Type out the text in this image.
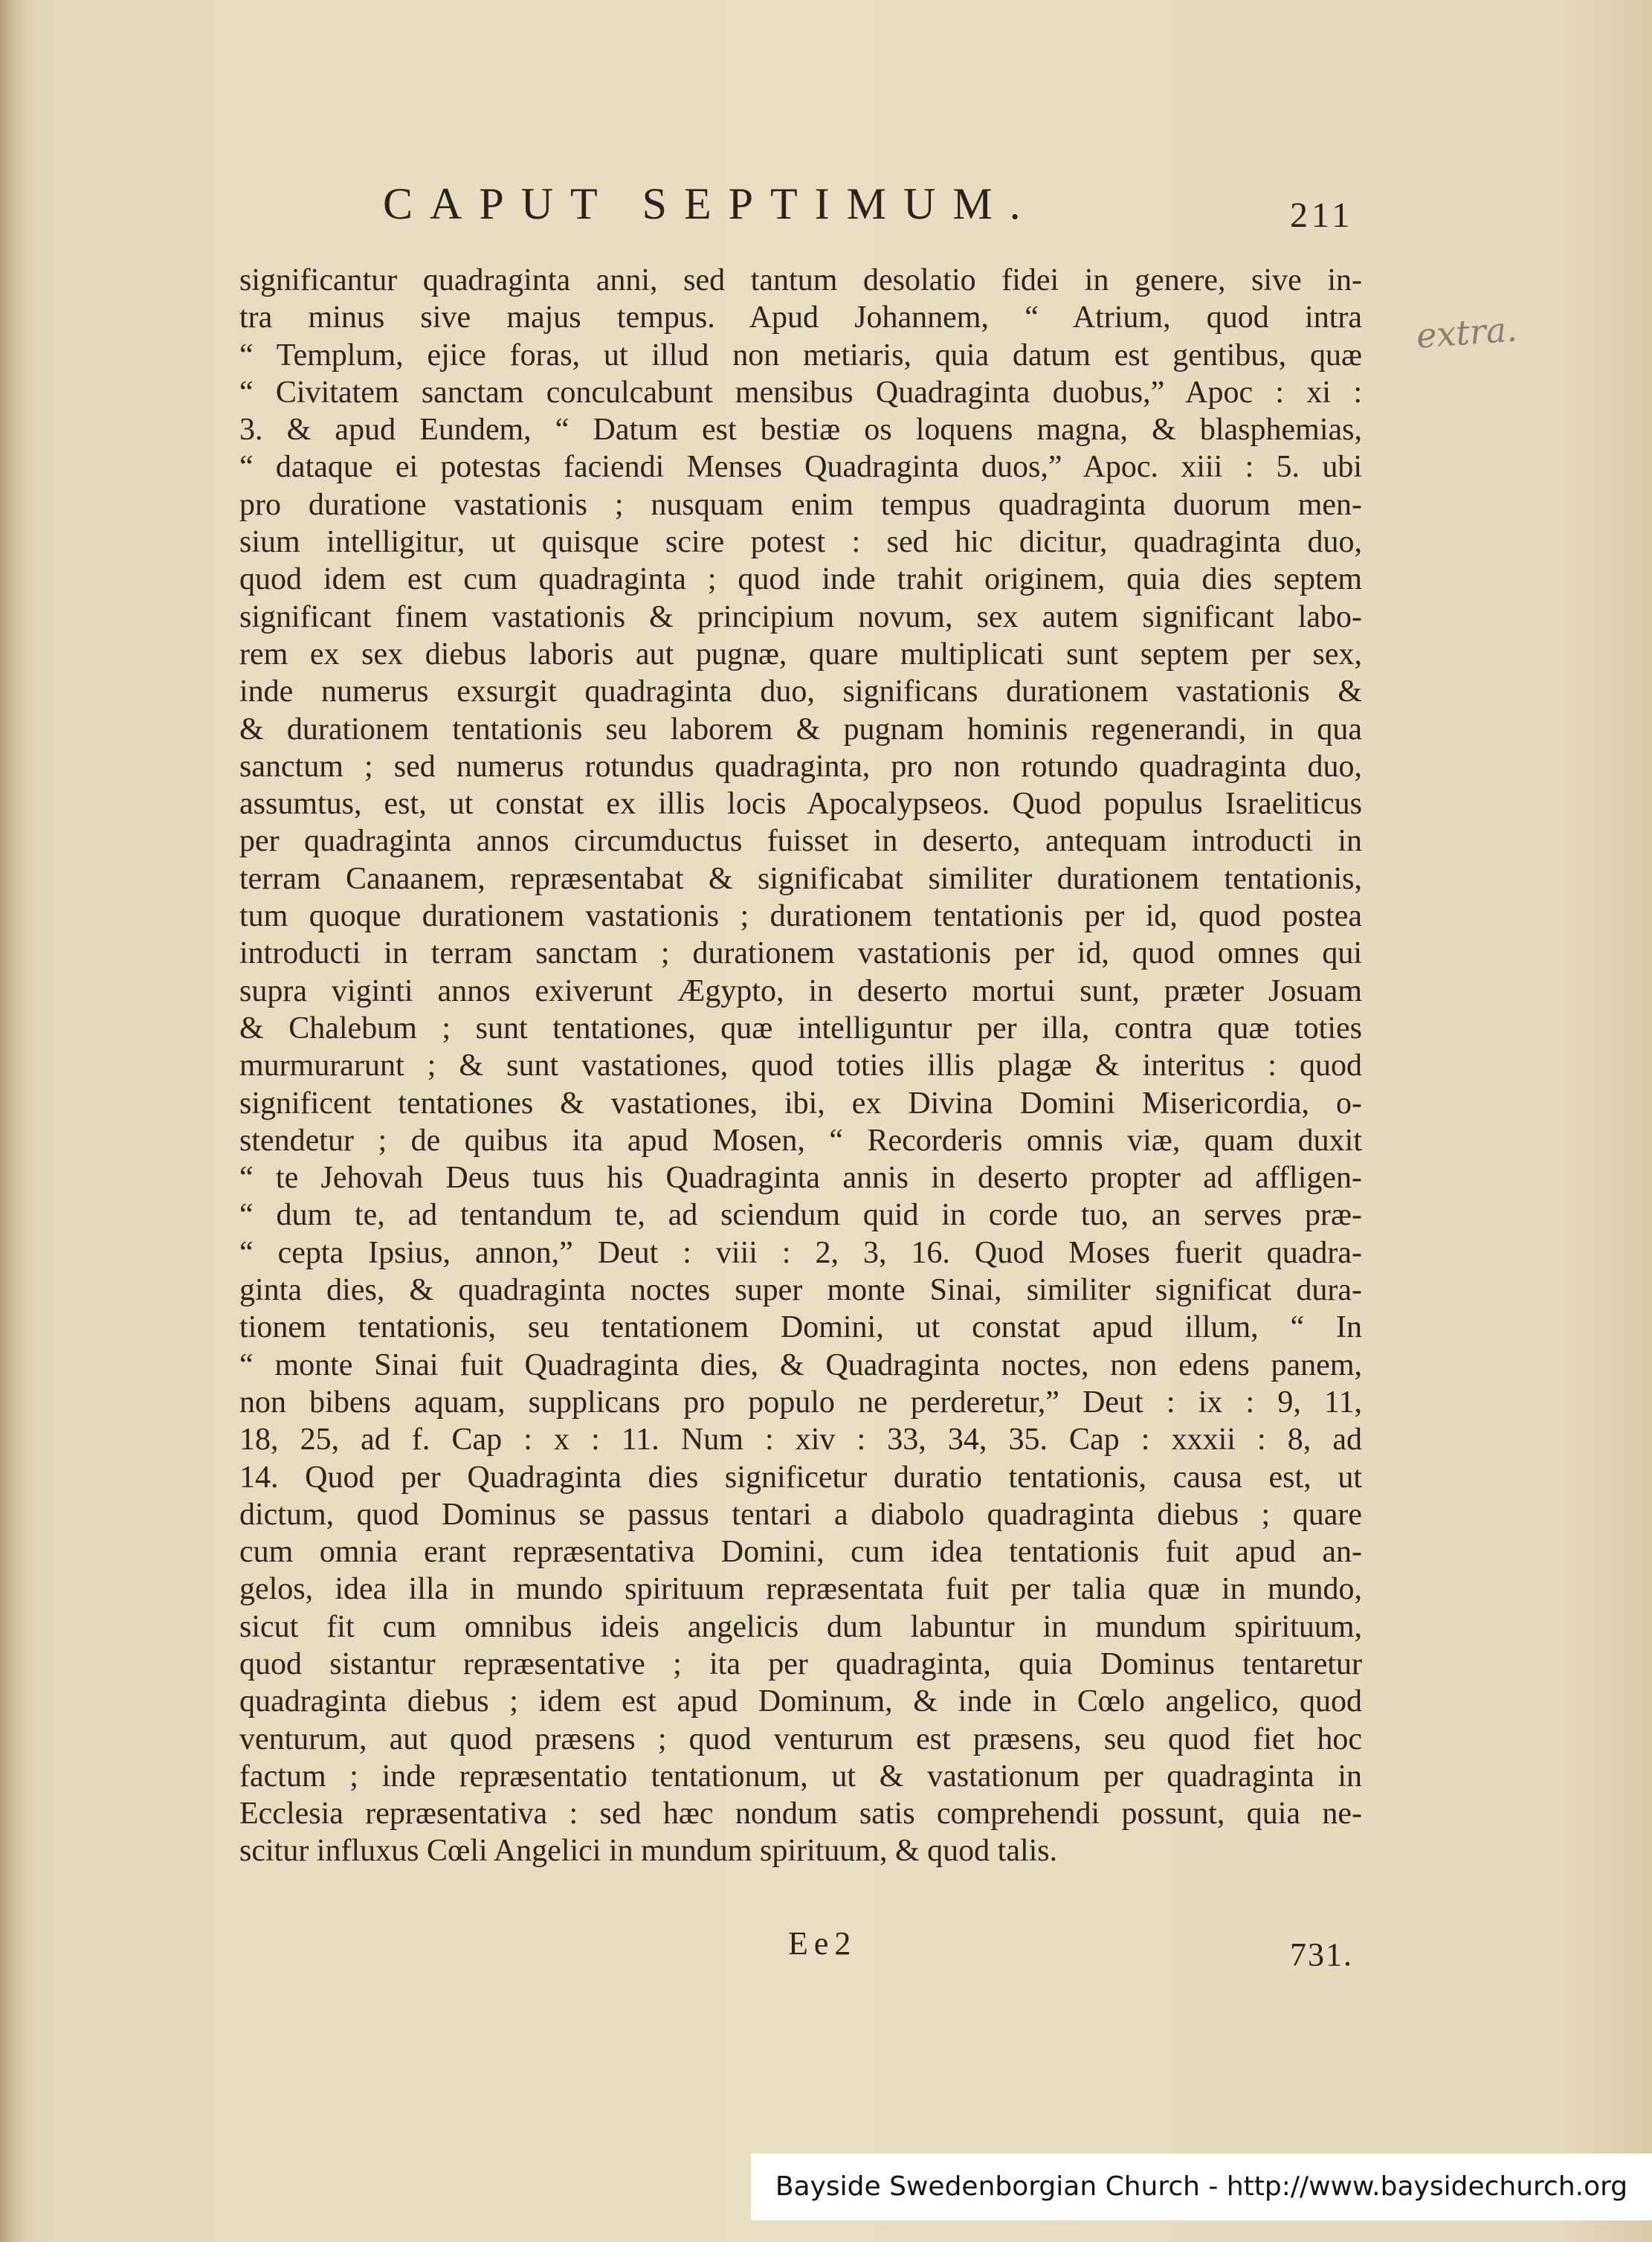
CAPUT SEPTIMUM.	211
extra.
significantur quadraginta anni, sed tantum desolatio fidei in genere, sive in-
tra minus sive majus tempus. Apud Johannem, “ Atrium, quod intra
“ Templum, ejice foras, ut illud non metiaris, quia datum est gentibus, quæ
“ Civitatem sanctam conculcabunt mensibus Quadraginta duobus,” Apoc : xi :
3. & apud Eundem, “ Datum est bestiæ os loquens magna, & blasphemias,
“ dataque ei potestas faciendi Menses Quadraginta duos,” Apoc. xiii : 5. ubi
pro duratione vastationis ; nusquam enim tempus quadraginta duorum men-
sium intelligitur, ut quisque scire potest : sed hic dicitur, quadraginta duo,
quod idem est cum quadraginta ; quod inde trahit originem, quia dies septem
significant finem vastationis & principium novum, sex autem significant labo-
rem ex sex diebus laboris aut pugnæ, quare multiplicati sunt septem per sex,
inde numerus exsurgit quadraginta duo, significans durationem vastationis &
& durationem tentationis seu laborem & pugnam hominis regenerandi, in qua
sanctum ; sed numerus rotundus quadraginta, pro non rotundo quadraginta duo,
assumtus, est, ut constat ex illis locis Apocalypseos. Quod populus Israeliticus
per quadraginta annos circumductus fuisset in deserto, antequam introducti in
terram Canaanem, repræsentabat & significabat similiter durationem tentationis,
tum quoque durationem vastationis ; durationem tentationis per id, quod postea
introducti in terram sanctam ; durationem vastationis per id, quod omnes qui
supra viginti annos exiverunt Ægypto, in deserto mortui sunt, præter Josuam
& Chalebum ; sunt tentationes, quæ intelliguntur per illa, contra quæ toties
murmurarunt ; & sunt vastationes, quod toties illis plagæ & interitus : quod
significent tentationes & vastationes, ibi, ex Divina Domini Misericordia, o-
stendetur ; de quibus ita apud Mosen, “ Recorderis omnis viæ, quam duxit
“ te Jehovah Deus tuus his Quadraginta annis in deserto propter ad affligen-
“ dum te, ad tentandum te, ad sciendum quid in corde tuo, an serves præ-
“ cepta Ipsius, annon,” Deut : viii : 2, 3, 16. Quod Moses fuerit quadra-
ginta dies, & quadraginta noctes super monte Sinai, similiter significat dura-
tionem tentationis, seu tentationem Domini, ut constat apud illum, “ In
“ monte Sinai fuit Quadraginta dies, & Quadraginta noctes, non edens panem,
non bibens aquam, supplicans pro populo ne perderetur,” Deut : ix : 9, 11,
18, 25, ad f. Cap : x : 11. Num : xiv : 33, 34, 35. Cap : xxxii : 8, ad
14. Quod per Quadraginta dies significetur duratio tentationis, causa est, ut
dictum, quod Dominus se passus tentari a diabolo quadraginta diebus ; quare
cum omnia erant repræsentativa Domini, cum idea tentationis fuit apud an-
gelos, idea illa in mundo spirituum repræsentata fuit per talia quæ in mundo,
sicut fit cum omnibus ideis angelicis dum labuntur in mundum spirituum,
quod sistantur repræsentative ; ita per quadraginta, quia Dominus tentaretur
quadraginta diebus ; idem est apud Dominum, & inde in Cœlo angelico, quod
venturum, aut quod præsens ; quod venturum est præsens, seu quod fiet hoc
factum ; inde repræsentatio tentationum, ut & vastationum per quadraginta in
Ecclesia repræsentativa : sed hæc nondum satis comprehendi possunt, quia ne-
scitur influxus Cœli Angelici in mundum spirituum, & quod talis.
Ee2	731.
Bayside Swedenborgian Church - http://www.baysidechurch.org
